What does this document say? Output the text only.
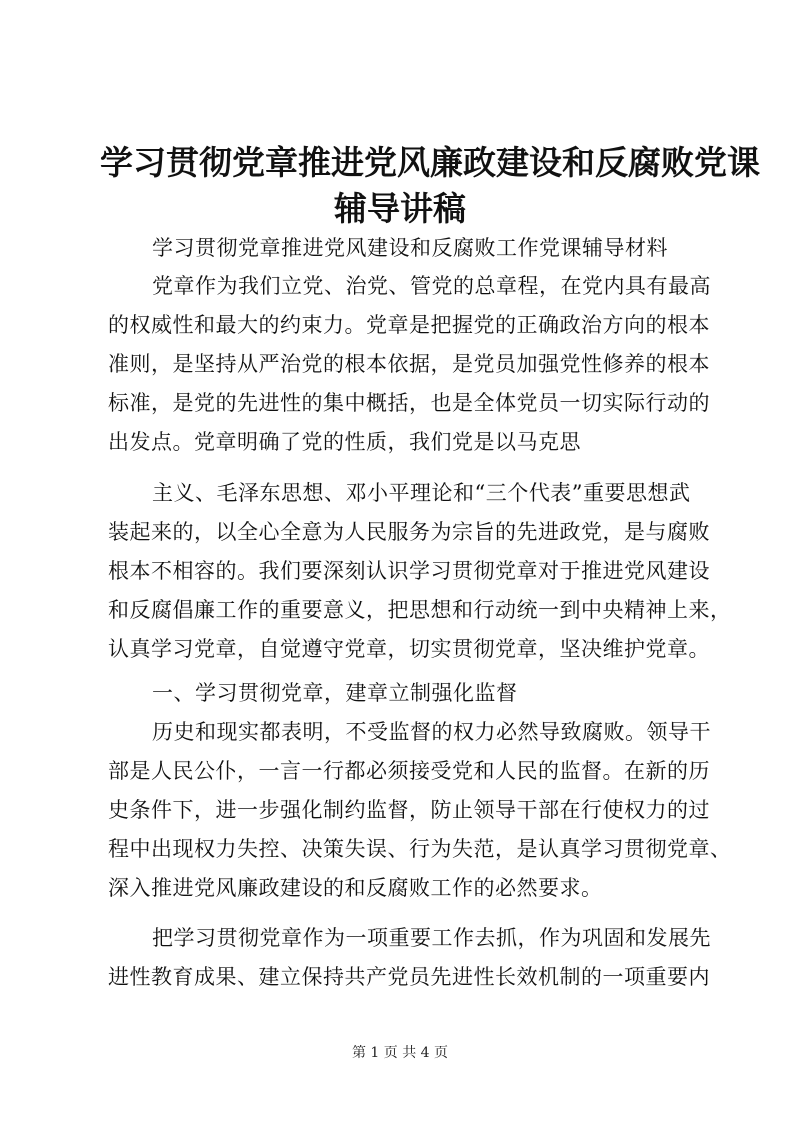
学习贯彻党章推进党风廉政建设和反腐败党课
辅导讲稿
学习贯彻党章推进党风建设和反腐败工作党课辅导材料
党章作为我们立党、治党、管党的总章程，在党内具有最高
的权威性和最大的约束力。党章是把握党的正确政治方向的根本
准则，是坚持从严治党的根本依据，是党员加强党性修养的根本
标准，是党的先进性的集中概括，也是全体党员一切实际行动的
出发点。党章明确了党的性质，我们党是以马克思
主义、毛泽东思想、邓小平理论和“三个代表”重要思想武
装起来的，以全心全意为人民服务为宗旨的先进政党，是与腐败
根本不相容的。我们要深刻认识学习贯彻党章对于推进党风建设
和反腐倡廉工作的重要意义，把思想和行动统一到中央精神上来，
认真学习党章，自觉遵守党章，切实贯彻党章，坚决维护党章。
一、学习贯彻党章，建章立制强化监督
历史和现实都表明，不受监督的权力必然导致腐败。领导干
部是人民公仆，一言一行都必须接受党和人民的监督。在新的历
史条件下，进一步强化制约监督，防止领导干部在行使权力的过
程中出现权力失控、决策失误、行为失范，是认真学习贯彻党章、
深入推进党风廉政建设的和反腐败工作的必然要求。
把学习贯彻党章作为一项重要工作去抓，作为巩固和发展先
进性教育成果、建立保持共产党员先进性长效机制的一项重要内
第 1 页 共 4 页
